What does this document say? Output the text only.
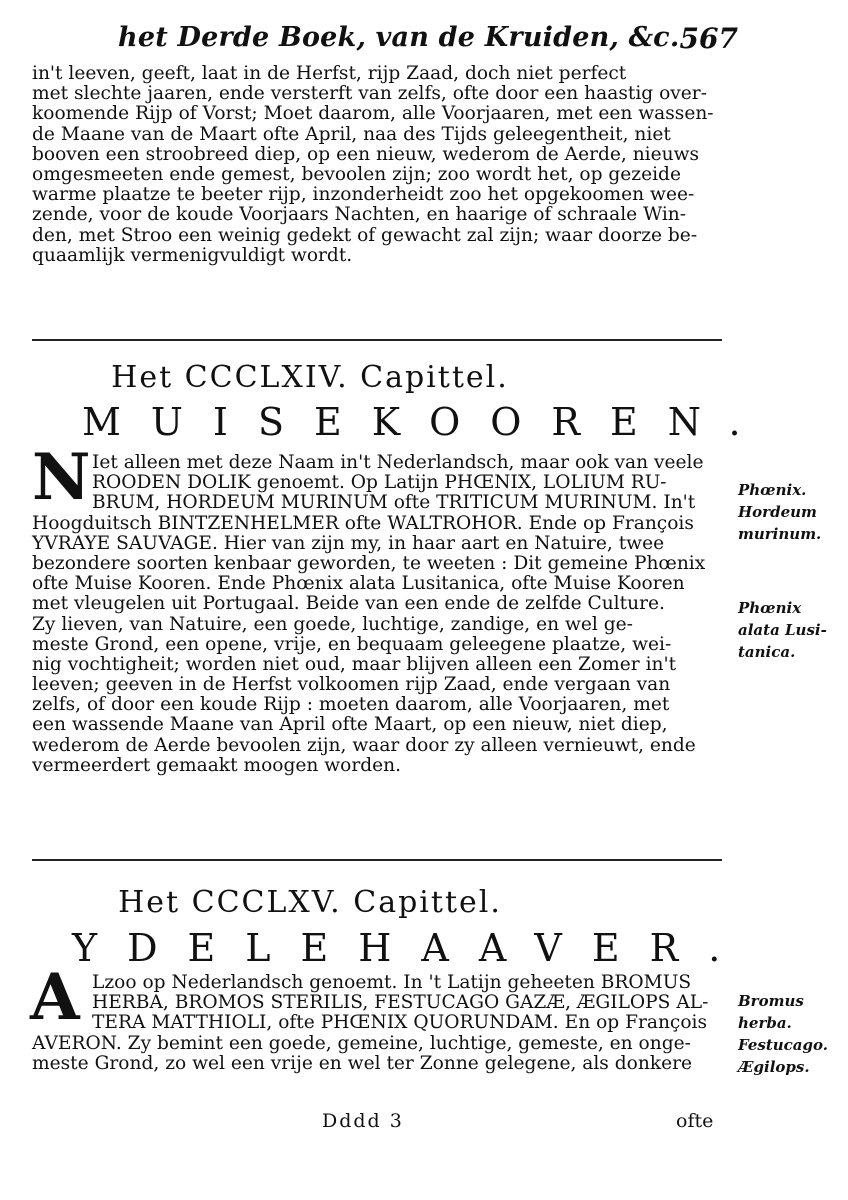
het Derde Boek, van de Kruiden, &c. 567
in't leeven, geeft, laat in de Herfst, rijp Zaad, doch niet perfect
met slechte jaaren, ende versterft van zelfs, ofte door een haastig over-
koomende Rijp of Vorst; Moet daarom, alle Voorjaaren, met een wassen-
de Maane van de Maart ofte April, naa des Tijds geleegentheit, niet
booven een stroobreed diep, op een nieuw, wederom de Aerde, nieuws
omgesmeeten ende gemest, bevoolen zijn; zoo wordt het, op gezeide
warme plaatze te beeter rijp, inzonderheidt zoo het opgekoomen wee-
zende, voor de koude Voorjaars Nachten, en haarige of schraale Win-
den, met Stroo een weinig gedekt of gewacht zal zijn; waar doorze be-
quaamlijk vermenigvuldigt wordt.
Het CCCLXIV. Capittel.
MUISEKOOREN.
N Iet alleen met deze Naam in't Nederlandsch, maar ook van veele
ROODEN DOLIK genoemt. Op Latijn PHŒNIX, LOLIUM RU-
BRUM, HORDEUM MURINUM ofte TRITICUM MURINUM. In't
Hoogduitsch BINTZENHELMER ofte WALTROHOR. Ende op François
YVRAYE SAUVAGE. Hier van zijn my, in haar aart en Natuire, twee
bezondere soorten kenbaar geworden, te weeten : Dit gemeine Phœnix
ofte Muise Kooren. Ende Phœnix alata Lusitanica, ofte Muise Kooren
met vleugelen uit Portugaal. Beide van een ende de zelfde Culture.
Zy lieven, van Natuire, een goede, luchtige, zandige, en wel ge-
meste Grond, een opene, vrije, en bequaam geleegene plaatze, wei-
nig vochtigheit; worden niet oud, maar blijven alleen een Zomer in't
leeven; geeven in de Herfst volkoomen rijp Zaad, ende vergaan van
zelfs, of door een koude Rijp : moeten daarom, alle Voorjaaren, met
een wassende Maane van April ofte Maart, op een nieuw, niet diep,
wederom de Aerde bevoolen zijn, waar door zy alleen vernieuwt, ende
vermeerdert gemaakt moogen worden.
Phœnix.
Hordeum
murinum.
Phœnix
alata Lusi-
tanica.
Het CCCLXV. Capittel.
YDELEHAAVER.
A Lzoo op Nederlandsch genoemt. In 't Latijn geheeten BROMUS
HERBA, BROMOS STERILIS, FESTUCAGO GAZÆ, ÆGILOPS AL-
TERA MATTHIOLI, ofte PHŒNIX QUORUNDAM. En op François
AVERON. Zy bemint een goede, gemeine, luchtige, gemeste, en onge-
meste Grond, zo wel een vrije en wel ter Zonne gelegene, als donkere
Bromus
herba.
Festucago.
Ægilops.
Dddd 3	ofte
